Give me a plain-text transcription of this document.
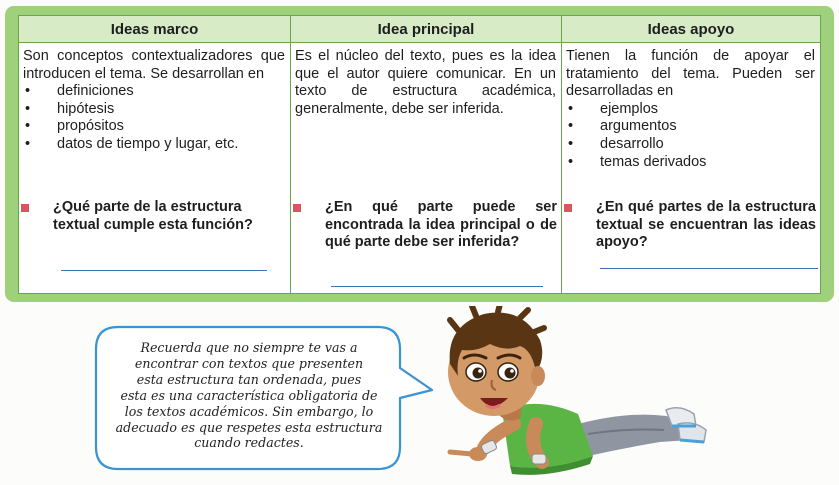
Ideas marco

Son conceptos contextualizadores que introducen el tema. Se desarrollan en

• definiciones
• hipótesis
• propósitos
• datos de tiempo y lugar, etc.
¿Qué parte de la estructura textual cumple esta función?
Idea principal

Es el núcleo del texto, pues es la idea que el autor quiere comunicar. En un texto de estructura académica, generalmente, debe ser inferida.

¿En qué parte puede ser encontrada la idea principal o de qué parte debe ser inferida?
Ideas apoyo

Tienen la función de apoyar el tratamiento del tema. Pueden ser desarrolladas en

• ejemplos
• argumentos
• desarrollo
• temas derivados
¿En qué partes de la estructura textual se encuentran las ideas apoyo?
Recuerda que no siempre te vas a
encontrar con textos que presenten
esta estructura tan ordenada, pues
esta es una característica obligatoria de
los textos académicos. Sin embargo, lo
adecuado es que respetes esta estructura
cuando redactes.
